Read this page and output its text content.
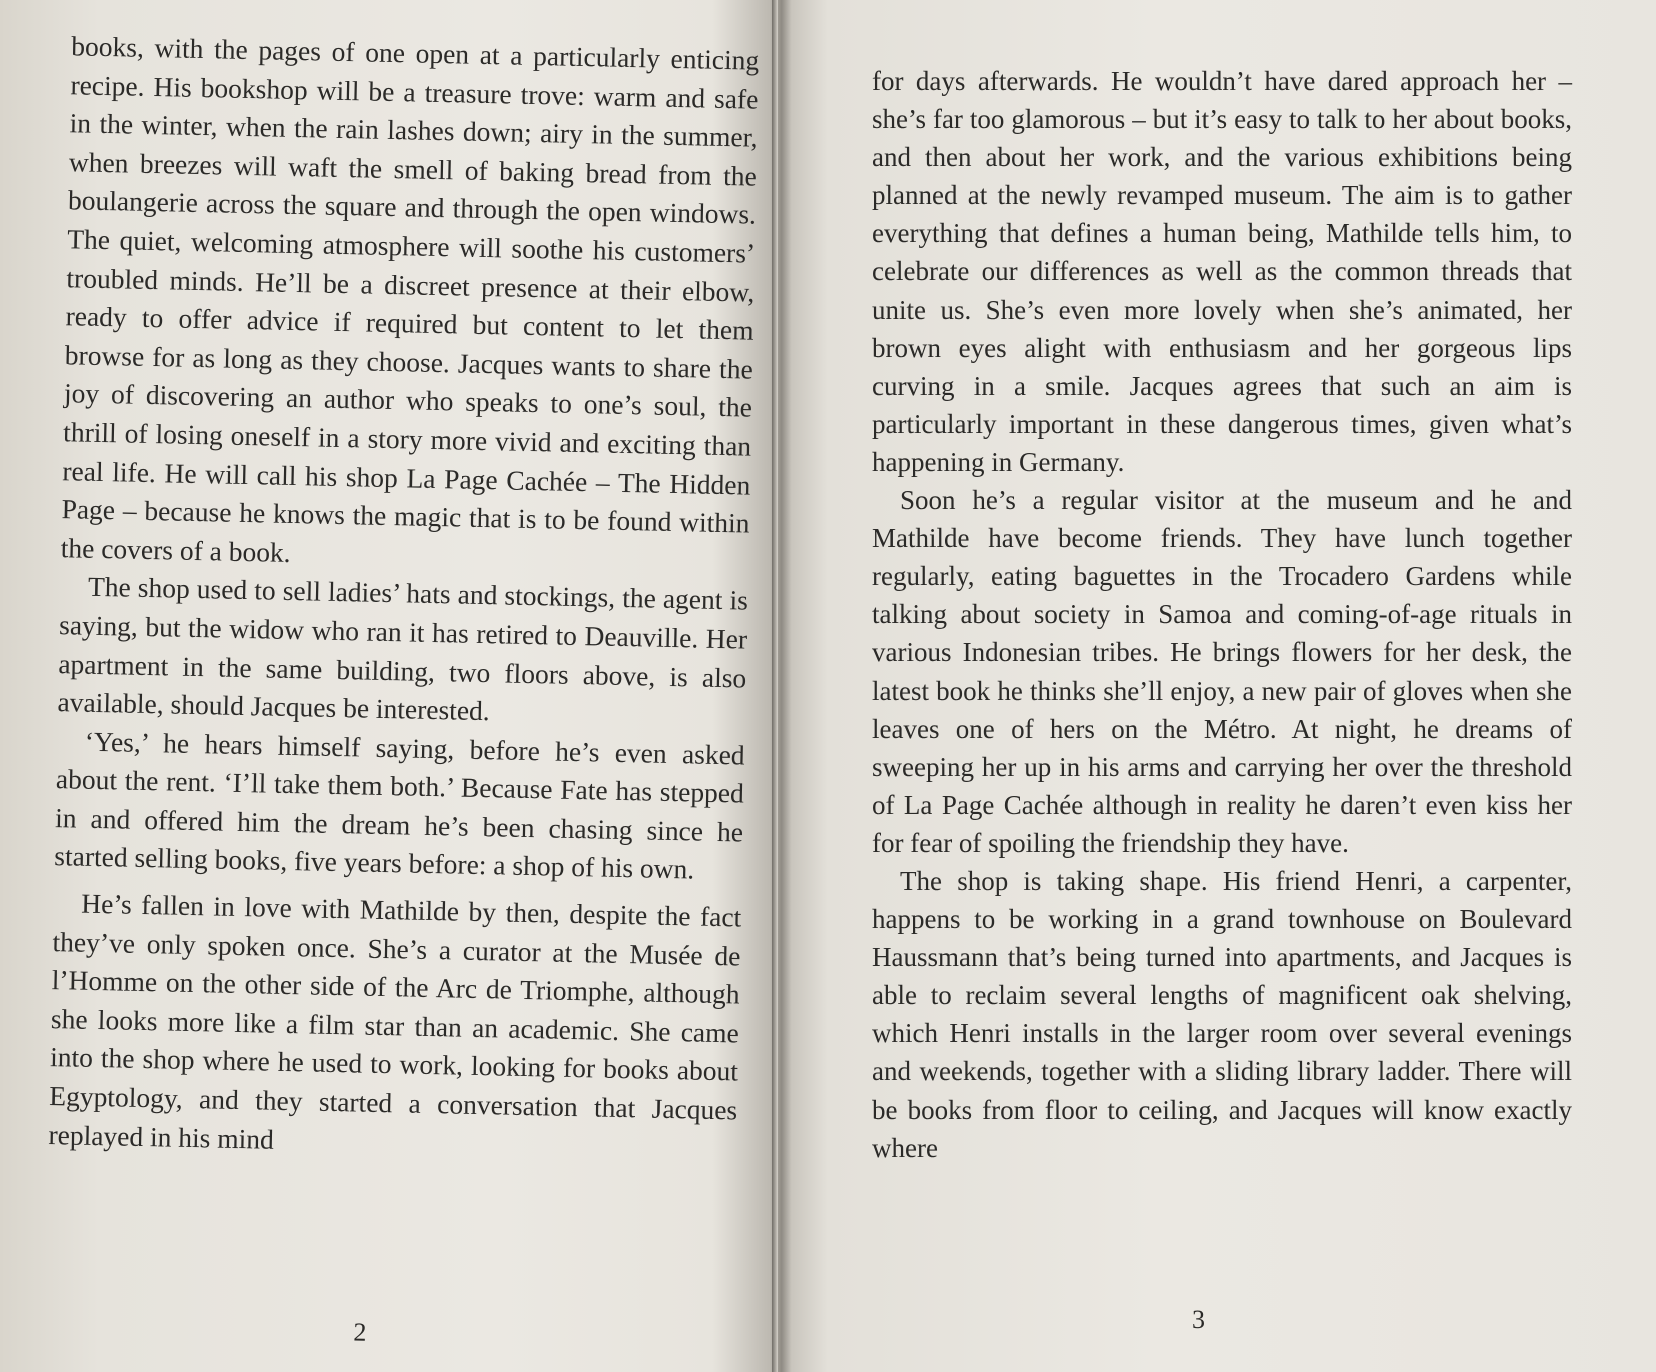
books, with the pages of one open at a particularly enticing recipe. His bookshop will be a treasure trove: warm and safe in the winter, when the rain lashes down; airy in the summer, when breezes will waft the smell of baking bread from the boulangerie across the square and through the open windows. The quiet, welcoming atmosphere will soothe his customers’ troubled minds. He’ll be a discreet presence at their elbow, ready to offer advice if required but content to let them browse for as long as they choose. Jacques wants to share the joy of discovering an author who speaks to one’s soul, the thrill of losing oneself in a story more vivid and exciting than real life. He will call his shop La Page Cachée – The Hidden Page – because he knows the magic that is to be found within the covers of a book.

The shop used to sell ladies’ hats and stockings, the agent is saying, but the widow who ran it has retired to Deauville. Her apartment in the same building, two floors above, is also available, should Jacques be interested.

‘Yes,’ he hears himself saying, before he’s even asked about the rent. ‘I’ll take them both.’ Because Fate has stepped in and offered him the dream he’s been chasing since he started selling books, five years before: a shop of his own.

He’s fallen in love with Mathilde by then, despite the fact they’ve only spoken once. She’s a curator at the Musée de l’Homme on the other side of the Arc de Triomphe, although she looks more like a film star than an academic. She came into the shop where he used to work, looking for books about Egyptology, and they started a conversation that Jacques replayed in his mind

2

for days afterwards. He wouldn’t have dared approach her – she’s far too glamorous – but it’s easy to talk to her about books, and then about her work, and the various exhibitions being planned at the newly revamped museum. The aim is to gather everything that defines a human being, Mathilde tells him, to celebrate our differences as well as the common threads that unite us. She’s even more lovely when she’s animated, her brown eyes alight with enthusiasm and her gorgeous lips curving in a smile. Jacques agrees that such an aim is particularly important in these dangerous times, given what’s happening in Germany.

Soon he’s a regular visitor at the museum and he and Mathilde have become friends. They have lunch together regularly, eating baguettes in the Trocadero Gardens while talking about society in Samoa and coming-of-age rituals in various Indonesian tribes. He brings flowers for her desk, the latest book he thinks she’ll enjoy, a new pair of gloves when she leaves one of hers on the Métro. At night, he dreams of sweeping her up in his arms and carrying her over the threshold of La Page Cachée although in reality he daren’t even kiss her for fear of spoiling the friendship they have.

The shop is taking shape. His friend Henri, a carpenter, happens to be working in a grand townhouse on Boulevard Haussmann that’s being turned into apartments, and Jacques is able to reclaim several lengths of magnificent oak shelving, which Henri installs in the larger room over several evenings and weekends, together with a sliding library ladder. There will be books from floor to ceiling, and Jacques will know exactly where

3
